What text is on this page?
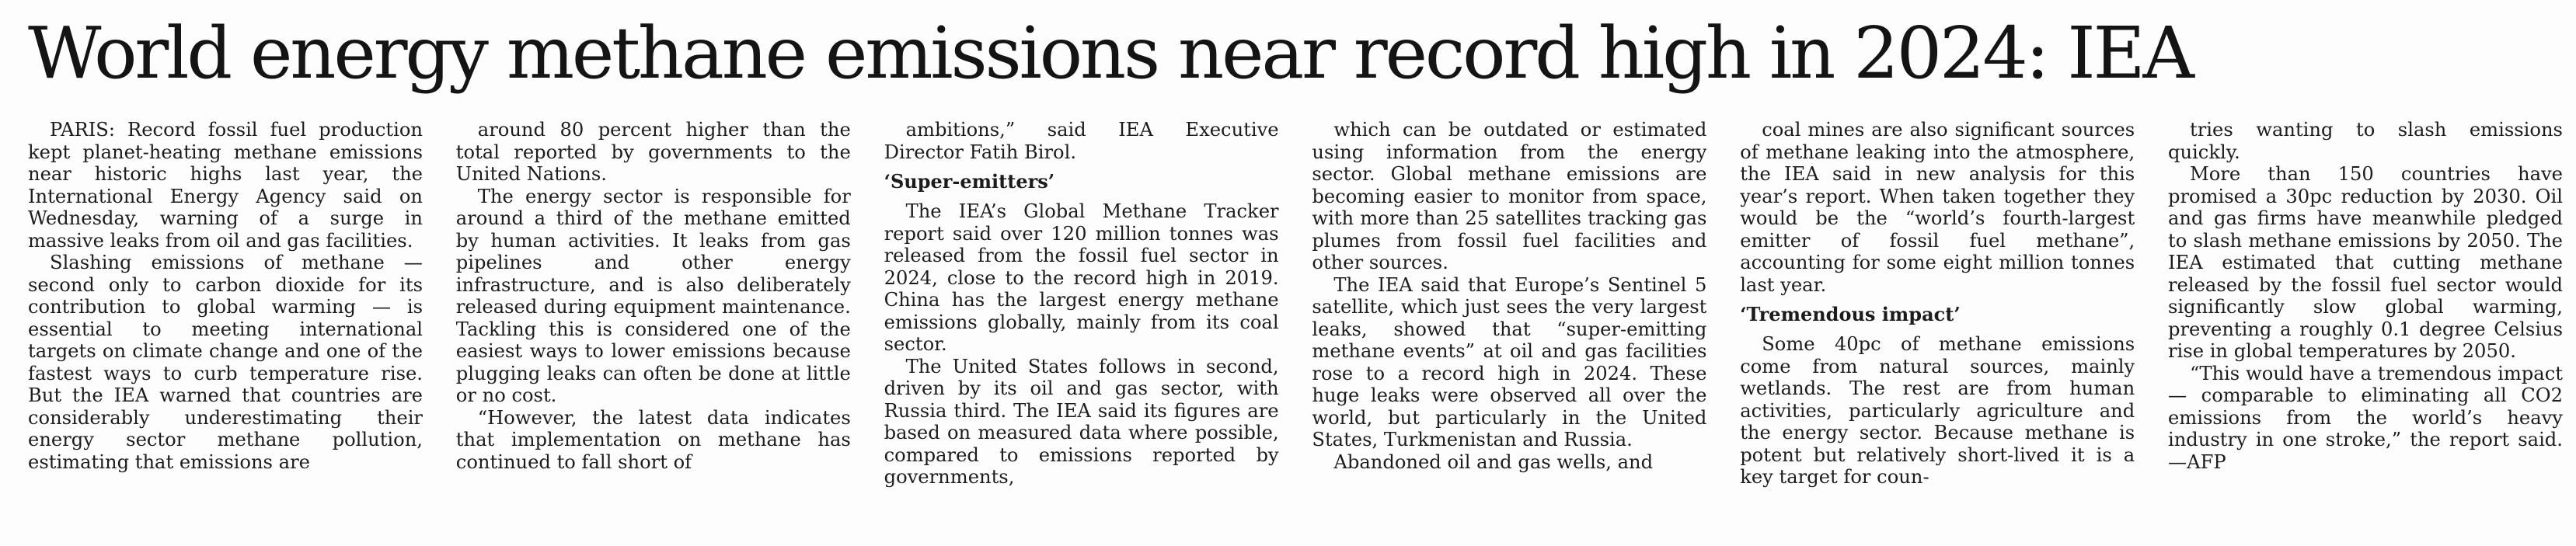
World energy methane emissions near record high in 2024: IEA

PARIS: Record fossil fuel production kept planet-heating methane emissions near historic highs last year, the International Energy Agency said on Wednesday, warning of a surge in massive leaks from oil and gas facilities.

Slashing emissions of methane — second only to carbon dioxide for its contribution to global warming — is essential to meeting international targets on climate change and one of the fastest ways to curb temperature rise. But the IEA warned that countries are considerably underestimating their energy sector methane pollution, estimating that emissions are

around 80 percent higher than the total reported by governments to the United Nations.

The energy sector is responsible for around a third of the methane emitted by human activities. It leaks from gas pipelines and other energy infrastructure, and is also deliberately released during equipment maintenance. Tackling this is considered one of the easiest ways to lower emissions because plugging leaks can often be done at little or no cost.

“However, the latest data indicates that implementation on methane has continued to fall short of

ambitions,” said IEA Executive Director Fatih Birol.

‘Super-emitters’

The IEA’s Global Methane Tracker report said over 120 million tonnes was released from the fossil fuel sector in 2024, close to the record high in 2019. China has the largest energy methane emissions globally, mainly from its coal sector.

The United States follows in second, driven by its oil and gas sector, with Russia third. The IEA said its figures are based on measured data where possible, compared to emissions reported by governments,

which can be outdated or estimated using information from the energy sector. Global methane emissions are becoming easier to monitor from space, with more than 25 satellites tracking gas plumes from fossil fuel facilities and other sources.

The IEA said that Europe’s Sentinel 5 satellite, which just sees the very largest leaks, showed that “super-emitting methane events” at oil and gas facilities rose to a record high in 2024. These huge leaks were observed all over the world, but particularly in the United States, Turkmenistan and Russia.

Abandoned oil and gas wells, and

coal mines are also significant sources of methane leaking into the atmosphere, the IEA said in new analysis for this year’s report. When taken together they would be the “world’s fourth-largest emitter of fossil fuel methane”, accounting for some eight million tonnes last year.

‘Tremendous impact’

Some 40pc of methane emissions come from natural sources, mainly wetlands. The rest are from human activities, particularly agriculture and the energy sector. Because methane is potent but relatively short-lived it is a key target for coun-

tries wanting to slash emissions quickly.

More than 150 countries have promised a 30pc reduction by 2030. Oil and gas firms have meanwhile pledged to slash methane emissions by 2050. The IEA estimated that cutting methane released by the fossil fuel sector would significantly slow global warming, preventing a roughly 0.1 degree Celsius rise in global temperatures by 2050.

“This would have a tremendous impact — comparable to eliminating all CO2 emissions from the world’s heavy industry in one stroke,” the report said.—AFP
